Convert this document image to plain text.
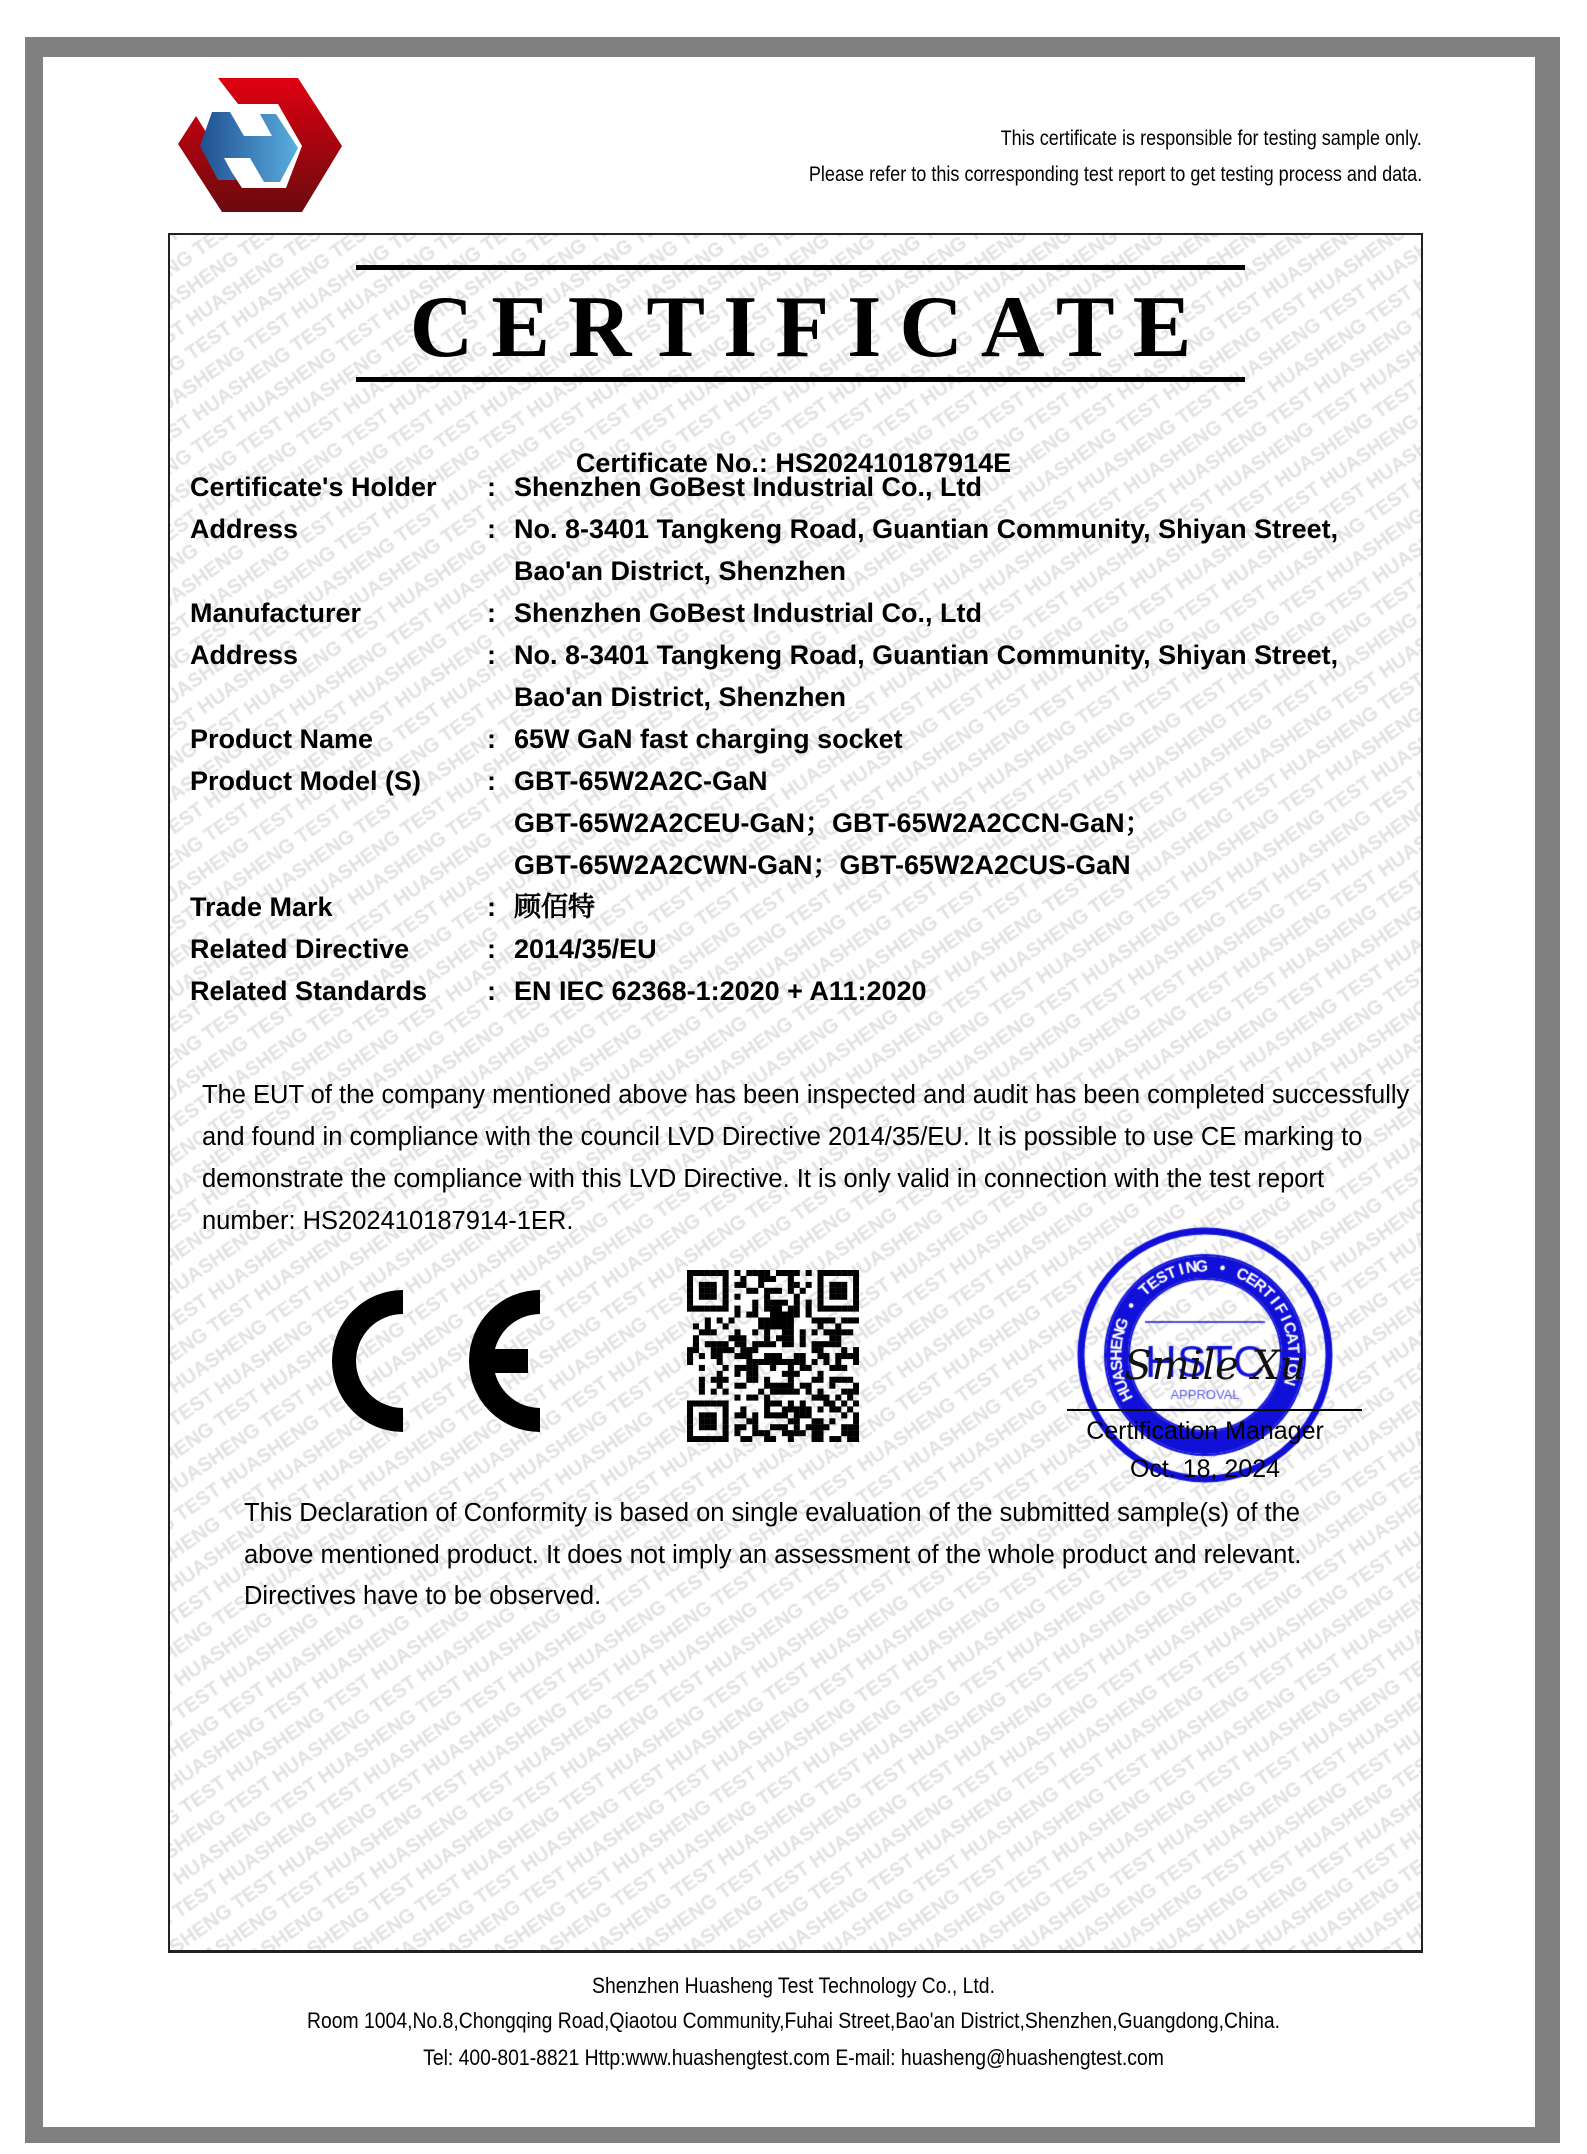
This certificate is responsible for testing sample only.
Please refer to this corresponding test report to get testing process and data.
CERTIFICATE
Certificate No.: HS202410187914E
Certificate's Holder : Shenzhen GoBest Industrial Co., Ltd
Address	: No. 8-3401 Tangkeng Road, Guantian Community, Shiyan Street,
Bao'an District, Shenzhen
Manufacturer	: Shenzhen GoBest Industrial Co., Ltd
Address	: No. 8-3401 Tangkeng Road, Guantian Community, Shiyan Street,
Bao'an District, Shenzhen
Product Name	: 65W GaN fast charging socket
Product Model (S) : GBT-65W2A2C-GaN
GBT-65W2A2CEU-GaN；GBT-65W2A2CCN-GaN；
GBT-65W2A2CWN-GaN；GBT-65W2A2CUS-GaN
Trade Mark	: 顾佰特
Related Directive	: 2014/35/EU
Related Standards : EN IEC 62368-1:2020 + A11:2020
The EUT of the company mentioned above has been inspected and audit has been completed successfully and found in compliance with the council LVD Directive 2014/35/EU. It is possible to use CE marking to demonstrate the compliance with this LVD Directive. It is only valid in connection with the test report number: HS202410187914-1ER.
Smile Xu
Certification Manager
Oct. 18, 2024
This Declaration of Conformity is based on single evaluation of the submitted sample(s) of the above mentioned product. It does not imply an assessment of the whole product and relevant. Directives have to be observed.
Shenzhen Huasheng Test Technology Co., Ltd.
Room 1004,No.8,Chongqing Road,Qiaotou Community,Fuhai Street,Bao'an District,Shenzhen,Guangdong,China.
Tel: 400-801-8821 Http:www.huashengtest.com E-mail: huasheng@huashengtest.com
